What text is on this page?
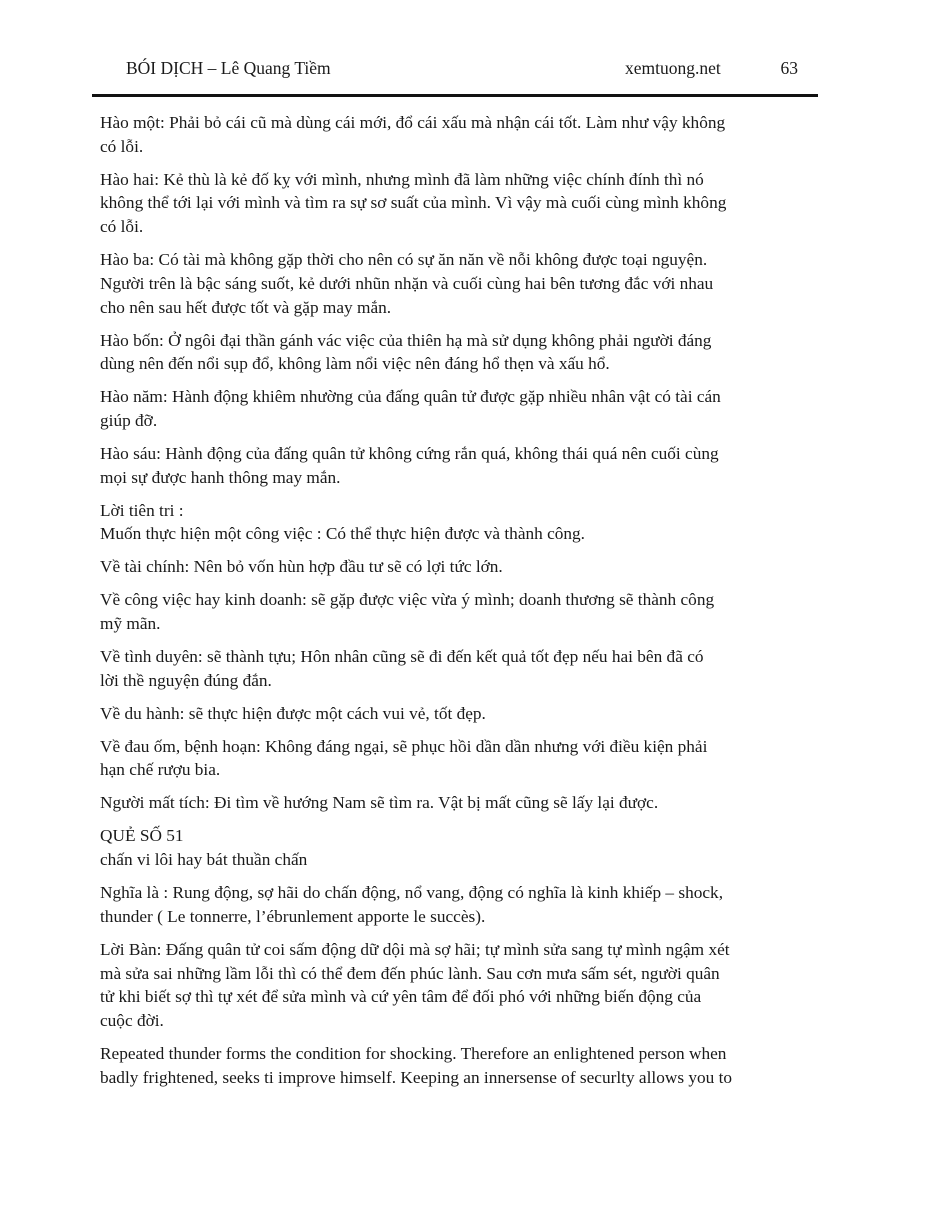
BÓI DỊCH – Lê Quang Tiềm	xemtuong.net	63

Hào một: Phải bỏ cái cũ mà dùng cái mới, đổ cái xấu mà nhận cái tốt. Làm như vậy không
có lỗi.

Hào hai: Kẻ thù là kẻ đố kỵ với mình, nhưng mình đã làm những việc chính đính thì nó
không thể tới lại với mình và tìm ra sự sơ suất của mình. Vì vậy mà cuối cùng mình không
có lỗi.

Hào ba: Có tài mà không gặp thời cho nên có sự ăn năn về nỗi không được toại nguyện.
Người trên là bậc sáng suốt, kẻ dưới nhũn nhặn và cuối cùng hai bên tương đắc với nhau
cho nên sau hết được tốt và gặp may mắn.

Hào bốn: Ở ngôi đại thần gánh vác việc của thiên hạ mà sử dụng không phải người đáng
dùng nên đến nổi sụp đổ, không làm nổi việc nên đáng hổ thẹn và xấu hổ.

Hào năm: Hành động khiêm nhường của đấng quân tử được gặp nhiều nhân vật có tài cán
giúp đỡ.

Hào sáu: Hành động của đấng quân tử không cứng rắn quá, không thái quá nên cuối cùng
mọi sự được hanh thông may mắn.

Lời tiên tri :
Muốn thực hiện một công việc : Có thể thực hiện được và thành công.

Về tài chính: Nên bỏ vốn hùn hợp đầu tư sẽ có lợi tức lớn.

Về công việc hay kinh doanh: sẽ gặp được việc vừa ý mình; doanh thương sẽ thành công
mỹ mãn.

Về tình duyên: sẽ thành tựu; Hôn nhân cũng sẽ đi đến kết quả tốt đẹp nếu hai bên đã có
lời thề nguyện đúng đắn.

Về du hành: sẽ thực hiện được một cách vui vẻ, tốt đẹp.

Về đau ốm, bệnh hoạn: Không đáng ngại, sẽ phục hồi dần dần nhưng với điều kiện phải
hạn chế rượu bia.

Người mất tích: Đi tìm về hướng Nam sẽ tìm ra. Vật bị mất cũng sẽ lấy lại được.

QUẺ SỐ 51
chấn vi lôi hay bát thuần chấn

Nghĩa là : Rung động, sợ hãi do chấn động, nổ vang, động có nghĩa là kinh khiếp – shock,
thunder ( Le tonnerre, l’ébrunlement apporte le succès).

Lời Bàn: Đấng quân tử coi sấm động dữ dội mà sợ hãi; tự mình sửa sang tự mình ngậm xét
mà sửa sai những lầm lỗi thì có thể đem đến phúc lành. Sau cơn mưa sấm sét, người quân
tử khi biết sợ thì tự xét để sửa mình và cứ yên tâm để đối phó với những biến động của
cuộc đời.

Repeated thunder forms the condition for shocking. Therefore an enlightened person when
badly frightened, seeks ti improve himself. Keeping an innersense of securlty allows you to
